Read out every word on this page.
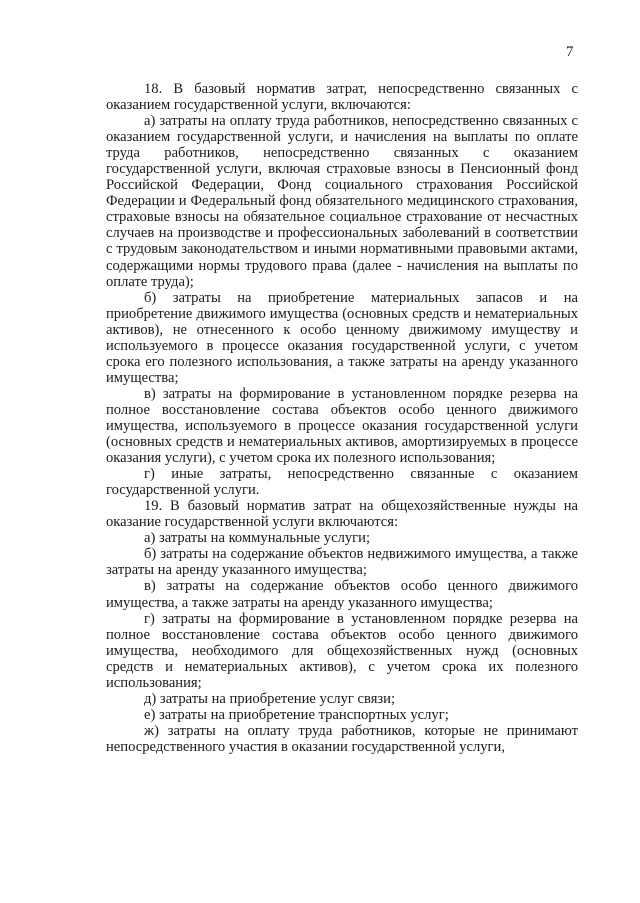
7

18. В базовый норматив затрат, непосредственно связанных с оказанием государственной услуги, включаются:

а) затраты на оплату труда работников, непосредственно связанных с оказанием государственной услуги, и начисления на выплаты по оплате труда работников, непосредственно связанных с оказанием государственной услуги, включая страховые взносы в Пенсионный фонд Российской Федерации, Фонд социального страхования Российской Федерации и Федеральный фонд обязательного медицинского страхования, страховые взносы на обязательное социальное страхование от несчастных случаев на производстве и профессиональных заболеваний в соответствии с трудовым законодательством и иными нормативными правовыми актами, содержащими нормы трудового права (далее - начисления на выплаты по оплате труда);

б) затраты на приобретение материальных запасов и на приобретение движимого имущества (основных средств и нематериальных активов), не отнесенного к особо ценному движимому имуществу и используемого в процессе оказания государственной услуги, с учетом срока его полезного использования, а также затраты на аренду указанного имущества;

в) затраты на формирование в установленном порядке резерва на полное восстановление состава объектов особо ценного движимого имущества, используемого в процессе оказания государственной услуги (основных средств и нематериальных активов, амортизируемых в процессе оказания услуги), с учетом срока их полезного использования;

г) иные затраты, непосредственно связанные с оказанием государственной услуги.

19. В базовый норматив затрат на общехозяйственные нужды на оказание государственной услуги включаются:

а) затраты на коммунальные услуги;

б) затраты на содержание объектов недвижимого имущества, а также затраты на аренду указанного имущества;

в) затраты на содержание объектов особо ценного движимого имущества, а также затраты на аренду указанного имущества;

г) затраты на формирование в установленном порядке резерва на полное восстановление состава объектов особо ценного движимого имущества, необходимого для общехозяйственных нужд (основных средств и нематериальных активов), с учетом срока их полезного использования;

д) затраты на приобретение услуг связи;

е) затраты на приобретение транспортных услуг;

ж) затраты на оплату труда работников, которые не принимают непосредственного участия в оказании государственной услуги,
